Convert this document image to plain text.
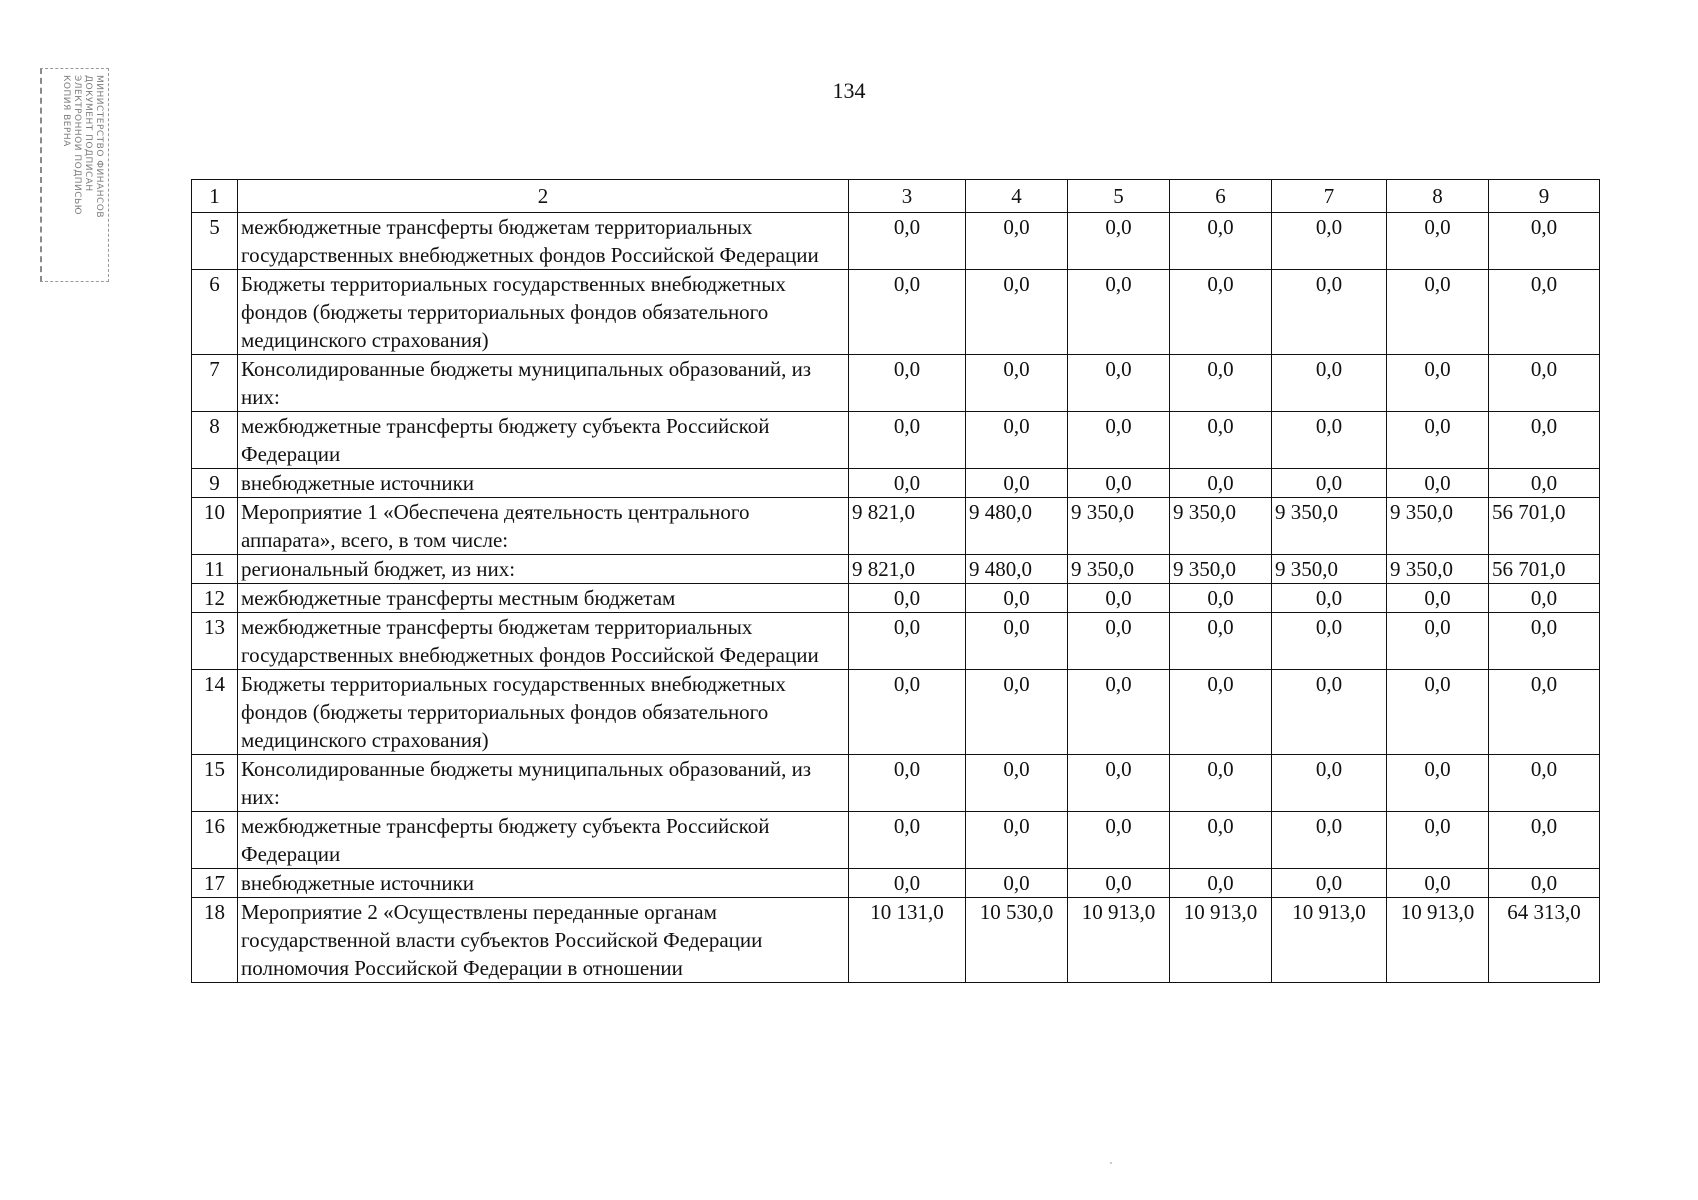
134
МИНИСТЕРСТВО ФИНАНСОВ
ДОКУМЕНТ ПОДПИСАН
ЭЛЕКТРОННОЙ ПОДПИСЬЮ
КОПИЯ ВЕРНА
1	2	3	4	5	6	7	8	9
5	межбюджетные трансферты бюджетам территориальных государственных внебюджетных фондов Российской Федерации	0,0	0,0	0,0	0,0	0,0	0,0	0,0
6	Бюджеты территориальных государственных внебюджетных фондов (бюджеты территориальных фондов обязательного медицинского страхования)	0,0	0,0	0,0	0,0	0,0	0,0	0,0
7	Консолидированные бюджеты муниципальных образований, из них:	0,0	0,0	0,0	0,0	0,0	0,0	0,0
8	межбюджетные трансферты бюджету субъекта Российской Федерации	0,0	0,0	0,0	0,0	0,0	0,0	0,0
9	внебюджетные источники	0,0	0,0	0,0	0,0	0,0	0,0	0,0
10	Мероприятие 1 «Обеспечена деятельность центрального аппарата», всего, в том числе:	9 821,0	9 480,0	9 350,0	9 350,0	9 350,0	9 350,0	56 701,0
11	региональный бюджет, из них:	9 821,0	9 480,0	9 350,0	9 350,0	9 350,0	9 350,0	56 701,0
12	межбюджетные трансферты местным бюджетам	0,0	0,0	0,0	0,0	0,0	0,0	0,0
13	межбюджетные трансферты бюджетам территориальных государственных внебюджетных фондов Российской Федерации	0,0	0,0	0,0	0,0	0,0	0,0	0,0
14	Бюджеты территориальных государственных внебюджетных фондов (бюджеты территориальных фондов обязательного медицинского страхования)	0,0	0,0	0,0	0,0	0,0	0,0	0,0
15	Консолидированные бюджеты муниципальных образований, из них:	0,0	0,0	0,0	0,0	0,0	0,0	0,0
16	межбюджетные трансферты бюджету субъекта Российской Федерации	0,0	0,0	0,0	0,0	0,0	0,0	0,0
17	внебюджетные источники	0,0	0,0	0,0	0,0	0,0	0,0	0,0
18	Мероприятие 2 «Осуществлены переданные органам государственной власти субъектов Российской Федерации полномочия Российской Федерации в отношении	10 131,0	10 530,0	10 913,0	10 913,0	10 913,0	10 913,0	64 313,0
